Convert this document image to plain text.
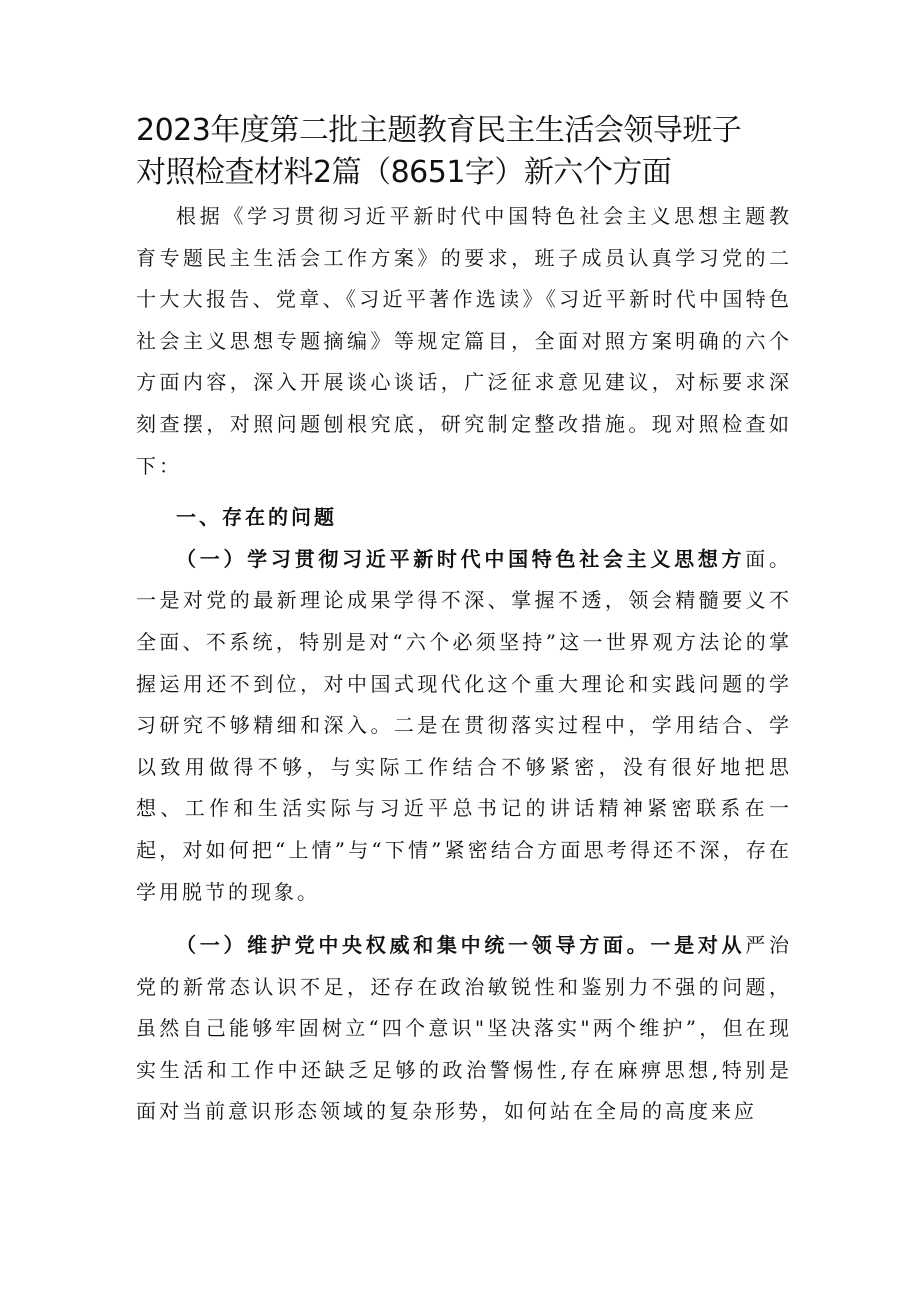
2023年度第二批主题教育民主生活会领导班子
对照检查材料2篇（8651字）新六个方面

根据《学习贯彻习近平新时代中国特色社会主义思想主题教育专题民主生活会工作方案》的要求，班子成员认真学习党的二十大大报告、党章、《习近平著作选读》《习近平新时代中国特色社会主义思想专题摘编》等规定篇目，全面对照方案明确的六个方面内容，深入开展谈心谈话，广泛征求意见建议，对标要求深刻查摆，对照问题刨根究底，研究制定整改措施。现对照检查如下：

一、存在的问题

（一）学习贯彻习近平新时代中国特色社会主义思想方面。一是对党的最新理论成果学得不深、掌握不透，领会精髓要义不全面、不系统，特别是对“六个必须坚持”这一世界观方法论的掌握运用还不到位，对中国式现代化这个重大理论和实践问题的学习研究不够精细和深入。二是在贯彻落实过程中，学用结合、学以致用做得不够，与实际工作结合不够紧密，没有很好地把思想、工作和生活实际与习近平总书记的讲话精神紧密联系在一起，对如何把“上情”与“下情”紧密结合方面思考得还不深，存在学用脱节的现象。

（一）维护党中央权威和集中统一领导方面。一是对从严治党的新常态认识不足，还存在政治敏锐性和鉴别力不强的问题，虽然自己能够牢固树立“四个意识"坚决落实"两个维护”，但在现实生活和工作中还缺乏足够的政治警惕性,存在麻痹思想,特别是面对当前意识形态领域的复杂形势，如何站在全局的高度来应
